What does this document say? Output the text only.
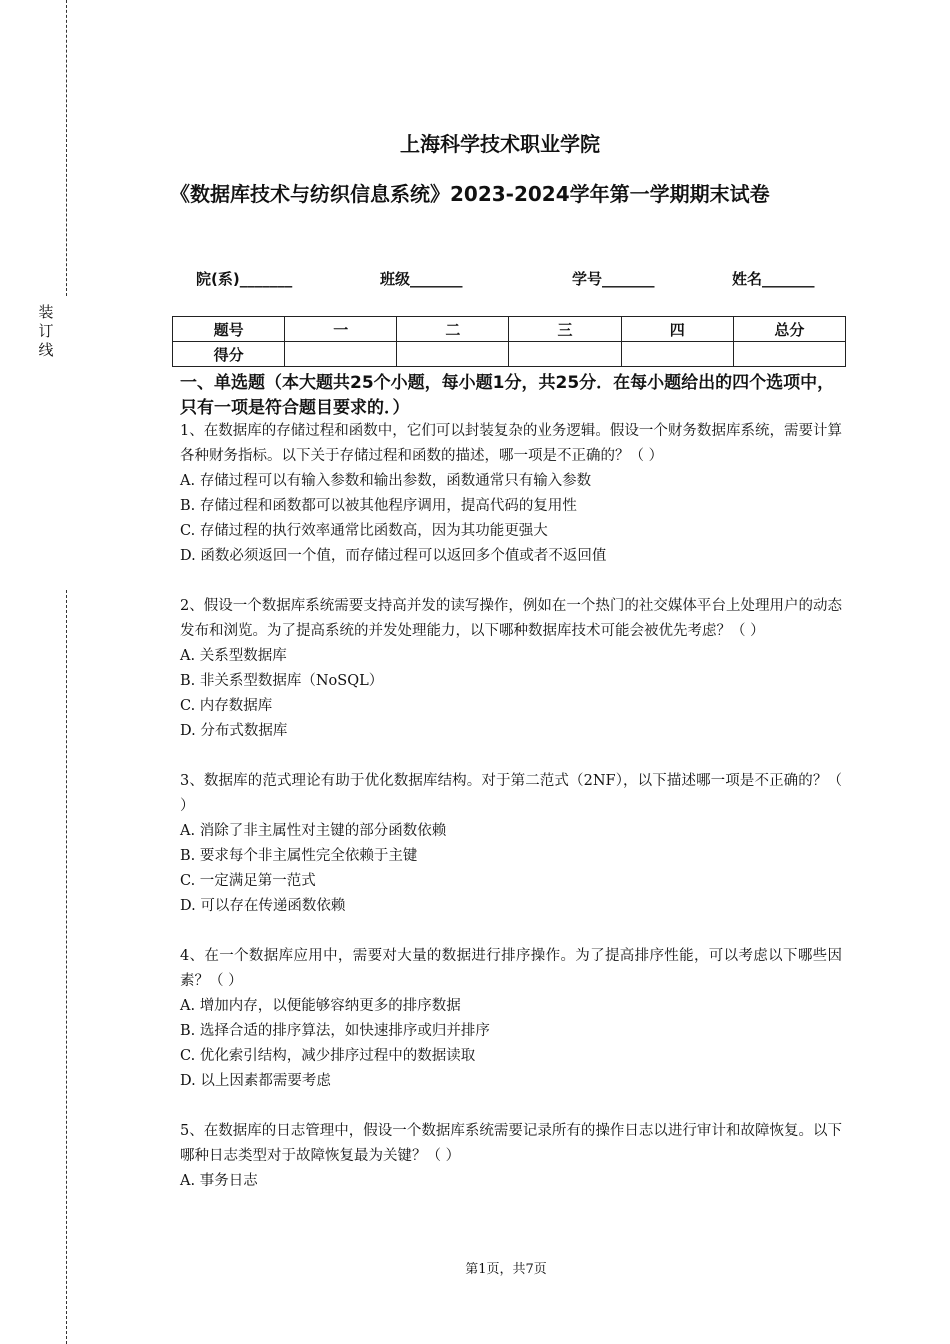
装
订
线
上海科学技术职业学院
《数据库技术与纺织信息系统》2023-2024学年第一学期期末试卷
院(系)_______	班级_______	学号_______	姓名_______
题号	一	二	三	四	总分
得分					
一、单选题（本大题共25个小题，每小题1分，共25分．在每小题给出的四个选项中，只有一项是符合题目要求的．）
1、在数据库的存储过程和函数中，它们可以封装复杂的业务逻辑。假设一个财务数据库系统，需要计算各种财务指标。以下关于存储过程和函数的描述，哪一项是不正确的？（ ）
A. 存储过程可以有输入参数和输出参数，函数通常只有输入参数
B. 存储过程和函数都可以被其他程序调用，提高代码的复用性
C. 存储过程的执行效率通常比函数高，因为其功能更强大
D. 函数必须返回一个值，而存储过程可以返回多个值或者不返回值
2、假设一个数据库系统需要支持高并发的读写操作，例如在一个热门的社交媒体平台上处理用户的动态发布和浏览。为了提高系统的并发处理能力，以下哪种数据库技术可能会被优先考虑？（ ）
A. 关系型数据库
B. 非关系型数据库（NoSQL）
C. 内存数据库
D. 分布式数据库
3、数据库的范式理论有助于优化数据库结构。对于第二范式（2NF），以下描述哪一项是不正确的？（ ）
A. 消除了非主属性对主键的部分函数依赖
B. 要求每个非主属性完全依赖于主键
C. 一定满足第一范式
D. 可以存在传递函数依赖
4、在一个数据库应用中，需要对大量的数据进行排序操作。为了提高排序性能，可以考虑以下哪些因素？（ ）
A. 增加内存，以便能够容纳更多的排序数据
B. 选择合适的排序算法，如快速排序或归并排序
C. 优化索引结构，减少排序过程中的数据读取
D. 以上因素都需要考虑
5、在数据库的日志管理中，假设一个数据库系统需要记录所有的操作日志以进行审计和故障恢复。以下哪种日志类型对于故障恢复最为关键？（ ）
A. 事务日志
第1页，共7页
